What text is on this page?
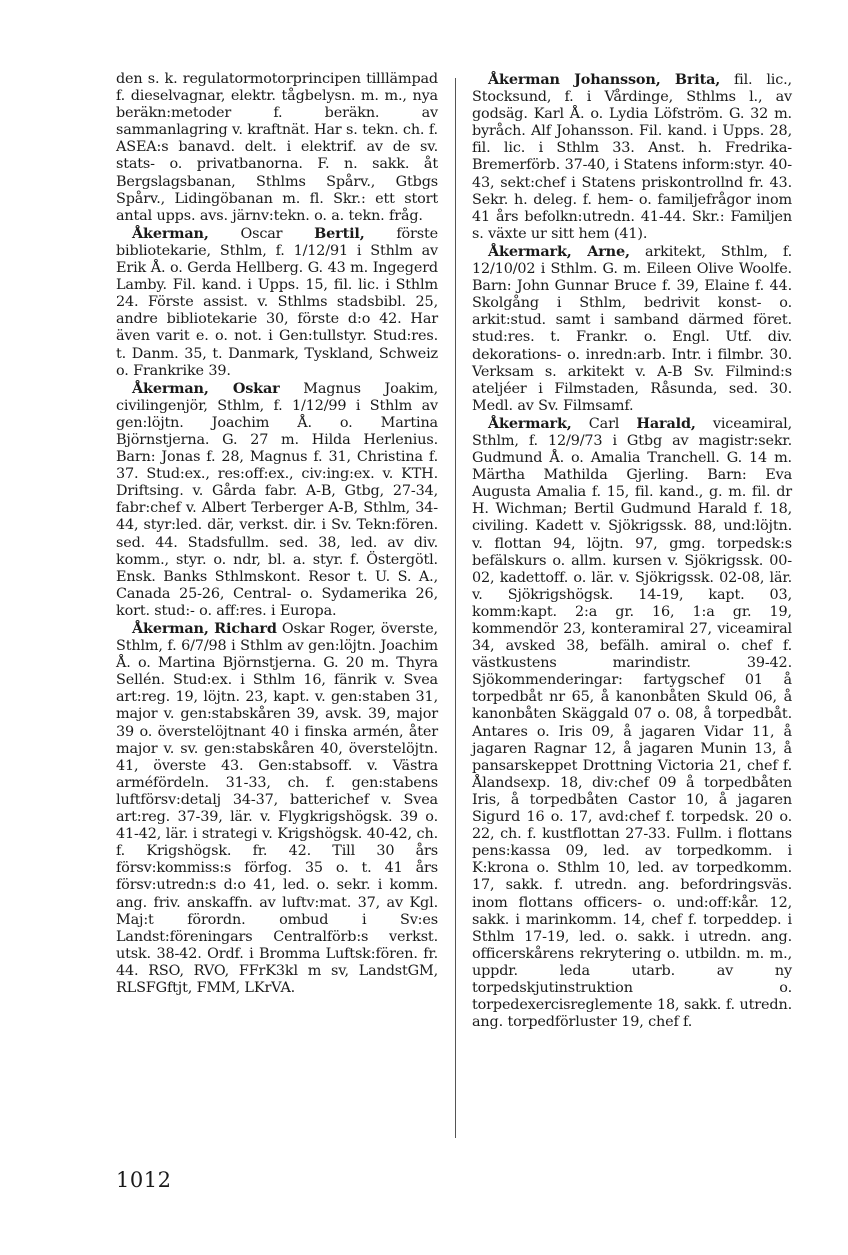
den s. k. regulatormotorprincipen tilllämpad f. dieselvagnar, elektr. tågbelysn. m. m., nya beräkn:metoder f. beräkn. av sammanlagring v. kraftnät. Har s. tekn. ch. f. ASEA:s banavd. delt. i elektrif. av de sv. stats- o. privatbanorna. F. n. sakk. åt Bergslagsbanan, Sthlms Spårv., Gtbgs Spårv., Lidingöbanan m. fl. Skr.: ett stort antal upps. avs. järnv:tekn. o. a. tekn. fråg.

Åkerman, Oscar Bertil, förste bibliotekarie, Sthlm, f. 1/12/91 i Sthlm av Erik Å. o. Gerda Hellberg. G. 43 m. Ingegerd Lamby. Fil. kand. i Upps. 15, fil. lic. i Sthlm 24. Förste assist. v. Sthlms stadsbibl. 25, andre bibliotekarie 30, förste d:o 42. Har även varit e. o. not. i Gen:tullstyr. Stud:res. t. Danm. 35, t. Danmark, Tyskland, Schweiz o. Frankrike 39.

Åkerman, Oskar Magnus Joakim, civilingenjör, Sthlm, f. 1/12/99 i Sthlm av gen:löjtn. Joachim Å. o. Martina Björnstjerna. G. 27 m. Hilda Herlenius. Barn: Jonas f. 28, Magnus f. 31, Christina f. 37. Stud:ex., res:off:ex., civ:ing:ex. v. KTH. Driftsing. v. Gårda fabr. A-B, Gtbg, 27-34, fabr:chef v. Albert Terberger A-B, Sthlm, 34-44, styr:led. där, verkst. dir. i Sv. Tekn:fören. sed. 44. Stadsfullm. sed. 38, led. av div. komm., styr. o. ndr, bl. a. styr. f. Östergötl. Ensk. Banks Sthlmskont. Resor t. U. S. A., Canada 25-26, Central- o. Sydamerika 26, kort. stud:- o. aff:res. i Europa.

Åkerman, Richard Oskar Roger, överste, Sthlm, f. 6/7/98 i Sthlm av gen:löjtn. Joachim Å. o. Martina Björnstjerna. G. 20 m. Thyra Sellén. Stud:ex. i Sthlm 16, fänrik v. Svea art:reg. 19, löjtn. 23, kapt. v. gen:staben 31, major v. gen:stabskåren 39, avsk. 39, major 39 o. överstelöjtnant 40 i finska armén, åter major v. sv. gen:stabskåren 40, överstelöjtn. 41, överste 43. Gen:stabsoff. v. Västra arméfördeln. 31-33, ch. f. gen:stabens luftförsv:detalj 34-37, batterichef v. Svea art:reg. 37-39, lär. v. Flygkrigshögsk. 39 o. 41-42, lär. i strategi v. Krigshögsk. 40-42, ch. f. Krigshögsk. fr. 42. Till 30 års försv:kommiss:s förfog. 35 o. t. 41 års försv:utredn:s d:o 41, led. o. sekr. i komm. ang. friv. anskaffn. av luftv:mat. 37, av Kgl. Maj:t förordn. ombud i Sv:es Landst:föreningars Centralförb:s verkst. utsk. 38-42. Ordf. i Bromma Luftsk:fören. fr. 44. RSO, RVO, FFrK3kl m sv, LandstGM, RLSFGftjt, FMM, LKrVA.

Åkerman Johansson, Brita, fil. lic., Stocksund, f. i Vårdinge, Sthlms l., av godsäg. Karl Å. o. Lydia Löfström. G. 32 m. byråch. Alf Johansson. Fil. kand. i Upps. 28, fil. lic. i Sthlm 33. Anst. h. Fredrika-Bremerförb. 37-40, i Statens inform:styr. 40-43, sekt:chef i Statens priskontrollnd fr. 43. Sekr. h. deleg. f. hem- o. familjefrågor inom 41 års befolkn:utredn. 41-44. Skr.: Familjen s. växte ur sitt hem (41).

Åkermark, Arne, arkitekt, Sthlm, f. 12/10/02 i Sthlm. G. m. Eileen Olive Woolfe. Barn: John Gunnar Bruce f. 39, Elaine f. 44. Skolgång i Sthlm, bedrivit konst- o. arkit:stud. samt i samband därmed föret. stud:res. t. Frankr. o. Engl. Utf. div. dekorations- o. inredn:arb. Intr. i filmbr. 30. Verksam s. arkitekt v. A-B Sv. Filmind:s ateljéer i Filmstaden, Råsunda, sed. 30. Medl. av Sv. Filmsamf.

Åkermark, Carl Harald, viceamiral, Sthlm, f. 12/9/73 i Gtbg av magistr:sekr. Gudmund Å. o. Amalia Tranchell. G. 14 m. Märtha Mathilda Gjerling. Barn: Eva Augusta Amalia f. 15, fil. kand., g. m. fil. dr H. Wichman; Bertil Gudmund Harald f. 18, civiling. Kadett v. Sjökrigssk. 88, und:löjtn. v. flottan 94, löjtn. 97, gmg. torpedsk:s befälskurs o. allm. kursen v. Sjökrigssk. 00-02, kadettoff. o. lär. v. Sjökrigssk. 02-08, lär. v. Sjökrigshögsk. 14-19, kapt. 03, komm:kapt. 2:a gr. 16, 1:a gr. 19, kommendör 23, konteramiral 27, viceamiral 34, avsked 38, befälh. amiral o. chef f. västkustens marindistr. 39-42. Sjökommenderingar: fartygschef 01 å torpedbåt nr 65, å kanonbåten Skuld 06, å kanonbåten Skäggald 07 o. 08, å torpedbåt. Antares o. Iris 09, å jagaren Vidar 11, å jagaren Ragnar 12, å jagaren Munin 13, å pansarskeppet Drottning Victoria 21, chef f. Ålandsexp. 18, div:chef 09 å torpedbåten Iris, å torpedbåten Castor 10, å jagaren Sigurd 16 o. 17, avd:chef f. torpedsk. 20 o. 22, ch. f. kustflottan 27-33. Fullm. i flottans pens:kassa 09, led. av torpedkomm. i K:krona o. Sthlm 10, led. av torpedkomm. 17, sakk. f. utredn. ang. befordringsväs. inom flottans officers- o. und:off:kår. 12, sakk. i marinkomm. 14, chef f. torpeddep. i Sthlm 17-19, led. o. sakk. i utredn. ang. officerskårens rekrytering o. utbildn. m. m., uppdr. leda utarb. av ny torpedskjutinstruktion o. torpedexercisreglemente 18, sakk. f. utredn. ang. torpedförluster 19, chef f.

1012
